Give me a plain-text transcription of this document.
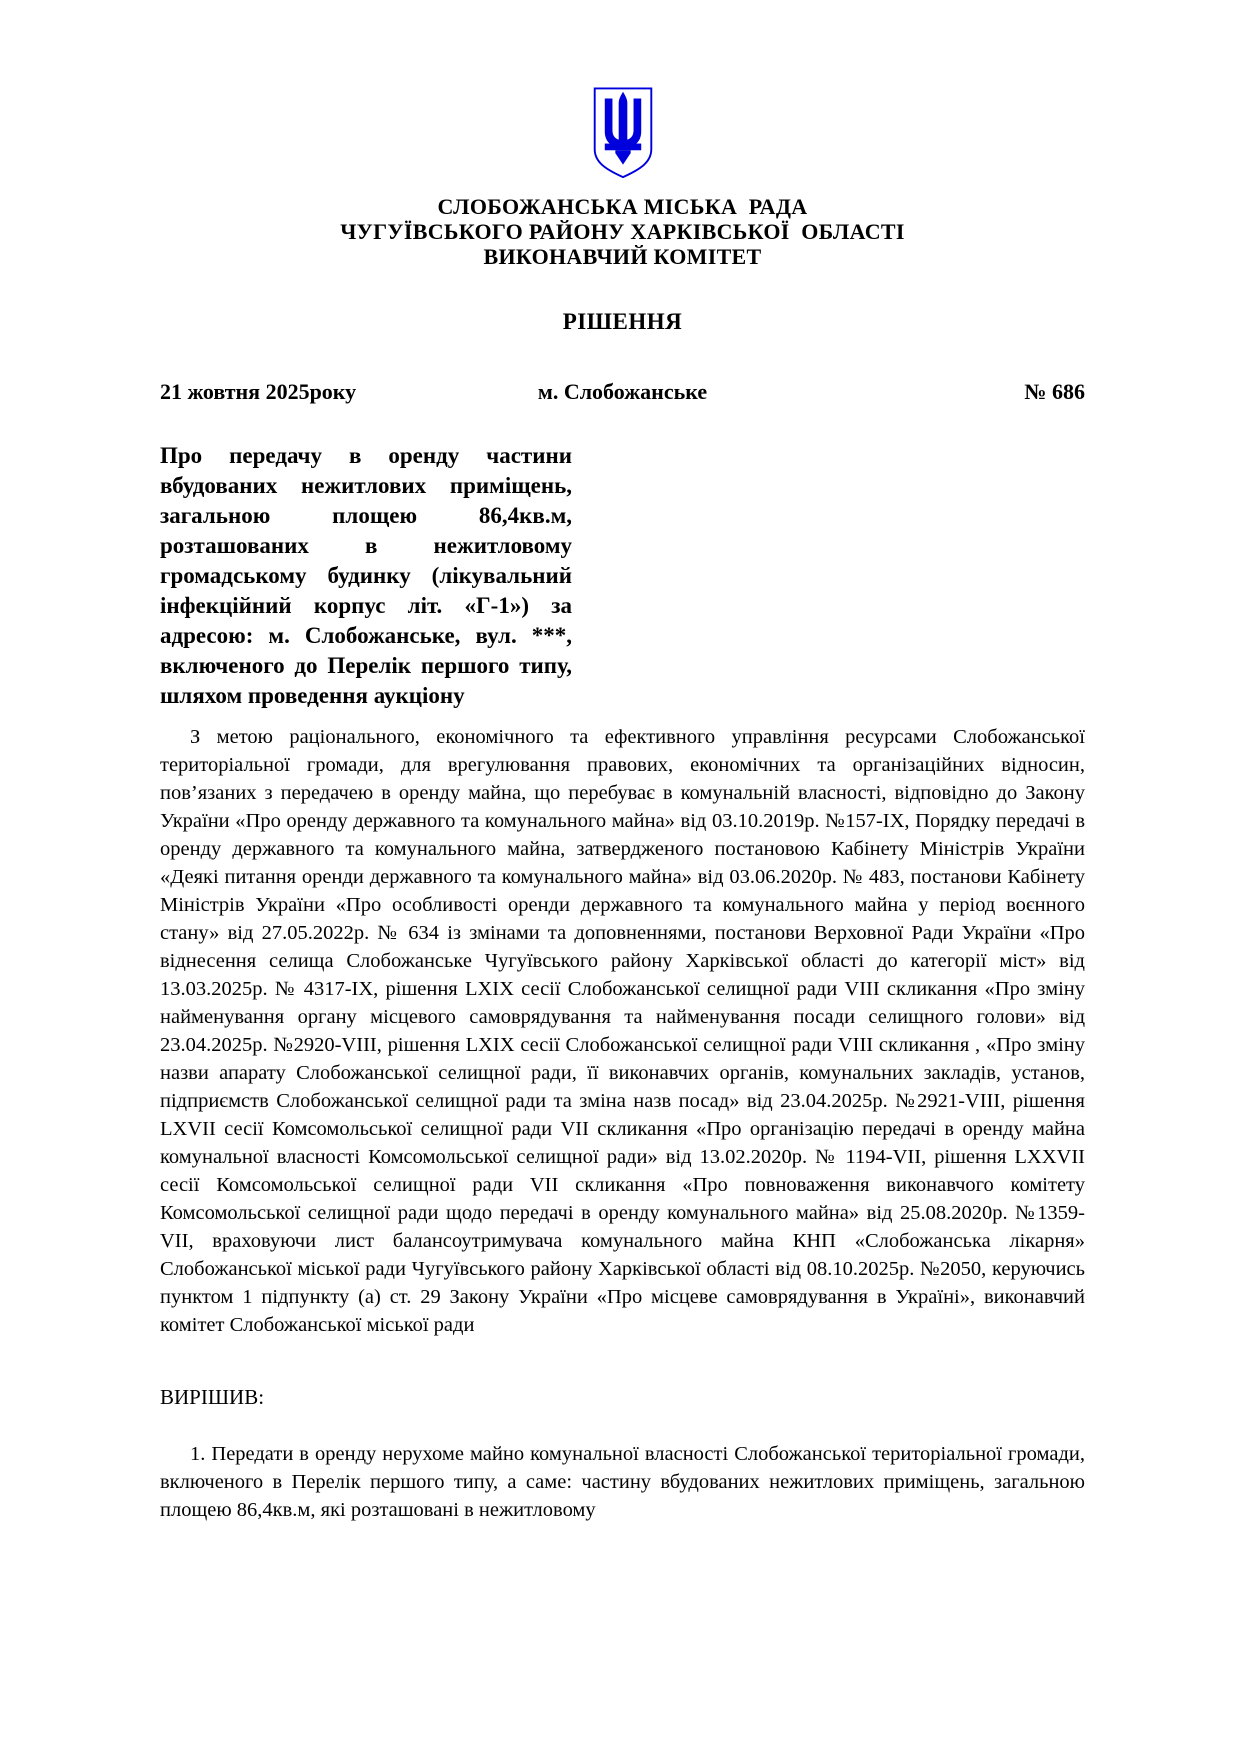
СЛОБОЖАНСЬКА МІСЬКА  РАДА
ЧУГУЇВСЬКОГО РАЙОНУ ХАРКІВСЬКОЇ  ОБЛАСТІ
ВИКОНАВЧИЙ КОМІТЕТ
РІШЕННЯ
21 жовтня 2025року	м. Слобожанське	№ 686
Про передачу в оренду частини вбудованих нежитлових приміщень, загальною площею 86,4кв.м, розташованих в нежитловому громадському будинку (лікувальний інфекційний корпус літ. «Г-1») за адресою: м. Слобожанське, вул. ***, включеного до Перелік першого типу, шляхом проведення аукціону

З метою раціонального, економічного та ефективного управління ресурсами Слобожанської територіальної громади, для врегулювання правових, економічних та організаційних відносин, пов’язаних з передачею в оренду майна, що перебуває в комунальній власності, відповідно до Закону України «Про оренду державного та комунального майна» від 03.10.2019р. №157-IX, Порядку передачі в оренду державного та комунального майна, затвердженого постановою Кабінету Міністрів України «Деякі питання оренди державного та комунального майна» від 03.06.2020р. № 483, постанови Кабінету Міністрів України «Про особливості оренди державного та комунального майна у період воєнного стану» від 27.05.2022р. № 634 із змінами та доповненнями, постанови Верховної Ради України «Про віднесення селища Слобожанське Чугуївського району Харківської області до категорії міст» від 13.03.2025р. № 4317-IX, рішення LXIX сесії Слобожанської селищної ради VIII скликання «Про зміну найменування органу місцевого самоврядування та найменування посади селищного голови» від 23.04.2025р. №2920-VIII, рішення LXIX сесії Слобожанської селищної ради VIII скликання , «Про зміну назви апарату Слобожанської селищної ради, її виконавчих органів, комунальних закладів, установ, підприємств Слобожанської селищної ради та зміна назв посад» від 23.04.2025р. №2921-VIII, рішення LXVII сесії Комсомольської селищної ради VII скликання «Про організацію передачі в оренду майна комунальної власності Комсомольської селищної ради» від 13.02.2020р. № 1194-VII, рішення LXXVII сесії Комсомольської селищної ради VII скликання «Про повноваження виконавчого комітету Комсомольської селищної ради щодо передачі в оренду комунального майна» від 25.08.2020р. №1359-VII, враховуючи лист балансоутримувача комунального майна КНП «Слобожанська лікарня» Слобожанської міської ради Чугуївського району Харківської області від 08.10.2025р. №2050, керуючись пунктом 1 підпункту (а) ст. 29 Закону України «Про місцеве самоврядування в Україні», виконавчий комітет Слобожанської міської ради

ВИРІШИВ:

1. Передати в оренду нерухоме майно комунальної власності Слобожанської територіальної громади, включеного в Перелік першого типу, а саме: частину вбудованих нежитлових приміщень, загальною площею 86,4кв.м, які розташовані в нежитловому
